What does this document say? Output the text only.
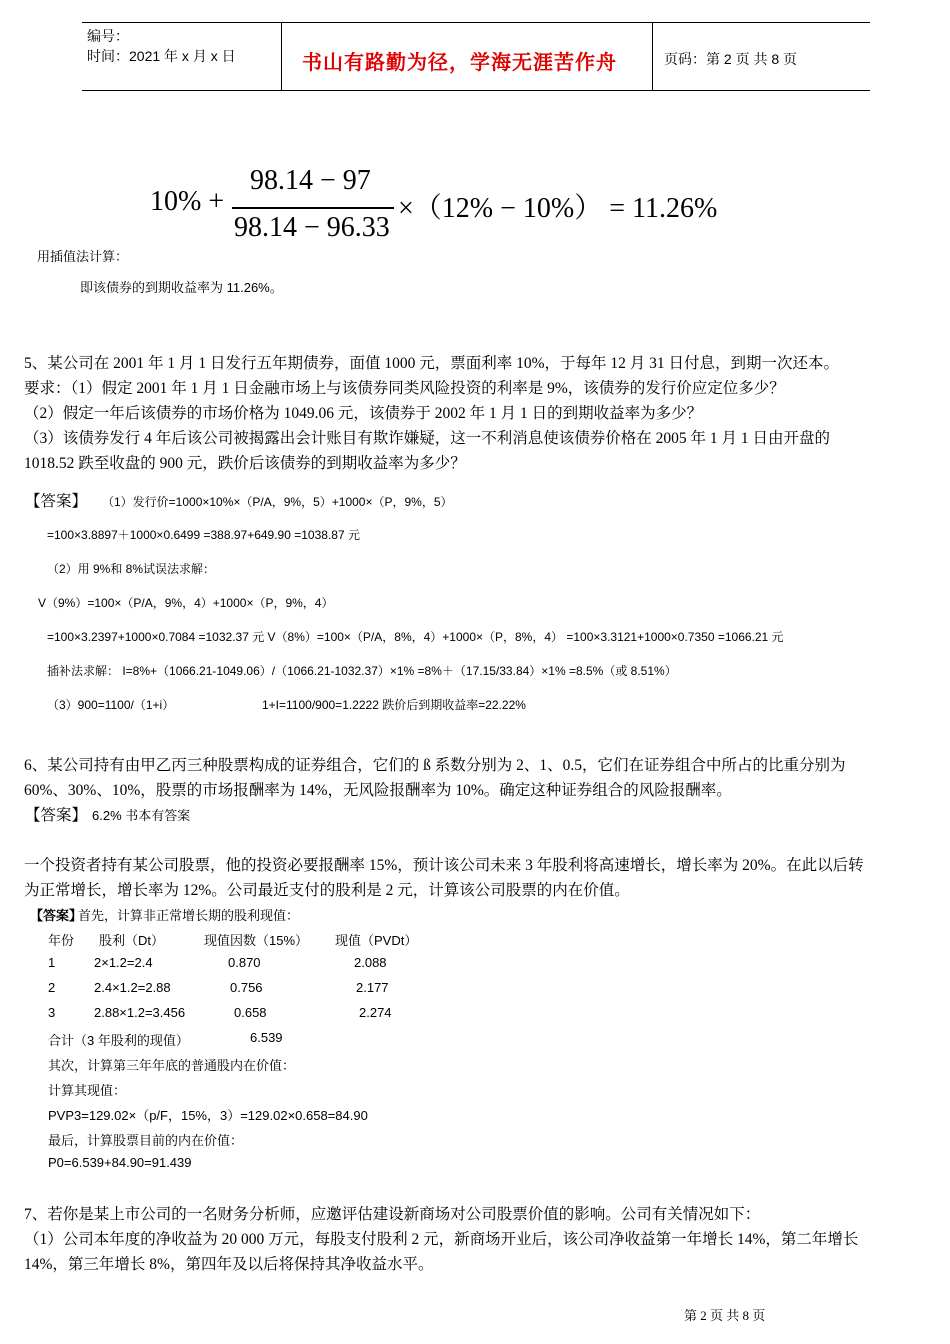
编号：
时间：2021 年 x 月 x 日	书山有路勤为径，学海无涯苦作舟	页码：第 2 页 共 8 页
10% +
98.14 − 97
98.14 − 96.33
×（12% − 10%） = 11.26%
用插值法计算：
即该债券的到期收益率为 11.26%。
5、某公司在 2001 年 1 月 1 日发行五年期债券，面值 1000 元，票面利率 10%，于每年 12 月 31 日付息，到期一次还本。
要求：（1）假定 2001 年 1 月 1 日金融市场上与该债券同类风险投资的利率是 9%，该债券的发行价应定位多少？
（2）假定一年后该债券的市场价格为 1049.06 元，该债券于 2002 年 1 月 1 日的到期收益率为多少？
（3）该债券发行 4 年后该公司被揭露出会计账目有欺诈嫌疑，这一不利消息使该债券价格在 2005 年 1 月 1 日由开盘的
1018.52 跌至收盘的 900 元，跌价后该债券的到期收益率为多少？
【答案】 （1）发行价=1000×10%×（P/A，9%，5）+1000×（P，9%，5）
=100×3.8897＋1000×0.6499 =388.97+649.90 =1038.87 元
（2）用 9%和 8%试误法求解：
V（9%）=100×（P/A，9%，4）+1000×（P，9%，4）
=100×3.2397+1000×0.7084 =1032.37 元 V（8%）=100×（P/A，8%，4）+1000×（P，8%，4） =100×3.3121+1000×0.7350 =1066.21 元
插补法求解： I=8%+（1066.21-1049.06）/（1066.21-1032.37）×1% =8%＋（17.15/33.84）×1% =8.5%（或 8.51%）
（3）900=1100/（1+i）	1+I=1100/900=1.2222 跌价后到期收益率=22.22%
6、某公司持有由甲乙丙三种股票构成的证券组合，它们的 ß 系数分别为 2、1、0.5，它们在证券组合中所占的比重分别为
60%、30%、10%，股票的市场报酬率为 14%，无风险报酬率为 10%。确定这种证券组合的风险报酬率。
【答案】 6.2% 书本有答案
一个投资者持有某公司股票，他的投资必要报酬率 15%，预计该公司未来 3 年股利将高速增长，增长率为 20%。在此以后转
为正常增长，增长率为 12%。公司最近支付的股利是 2 元，计算该公司股票的内在价值。
【答案】
首先，计算非正常增长期的股利现值：
年份 股利（Dt）	现值因数（15%） 现值（PVDt）
1	2×1.2=2.4	0.870	2.088
2	2.4×1.2=2.88	0.756	2.177
3	2.88×1.2=3.456	0.658	2.274
合计（3 年股利的现值）	6.539
其次，计算第三年年底的普通股内在价值：
计算其现值：
PVP3=129.02×（p/F，15%，3）=129.02×0.658=84.90
最后，计算股票目前的内在价值：
P0=6.539+84.90=91.439
7、若你是某上市公司的一名财务分析师，应邀评估建设新商场对公司股票价值的影响。公司有关情况如下：
（1）公司本年度的净收益为 20 000 万元，每股支付股利 2 元，新商场开业后，该公司净收益第一年增长 14%，第二年增长
14%，第三年增长 8%，第四年及以后将保持其净收益水平。
第 2 页 共 8 页
